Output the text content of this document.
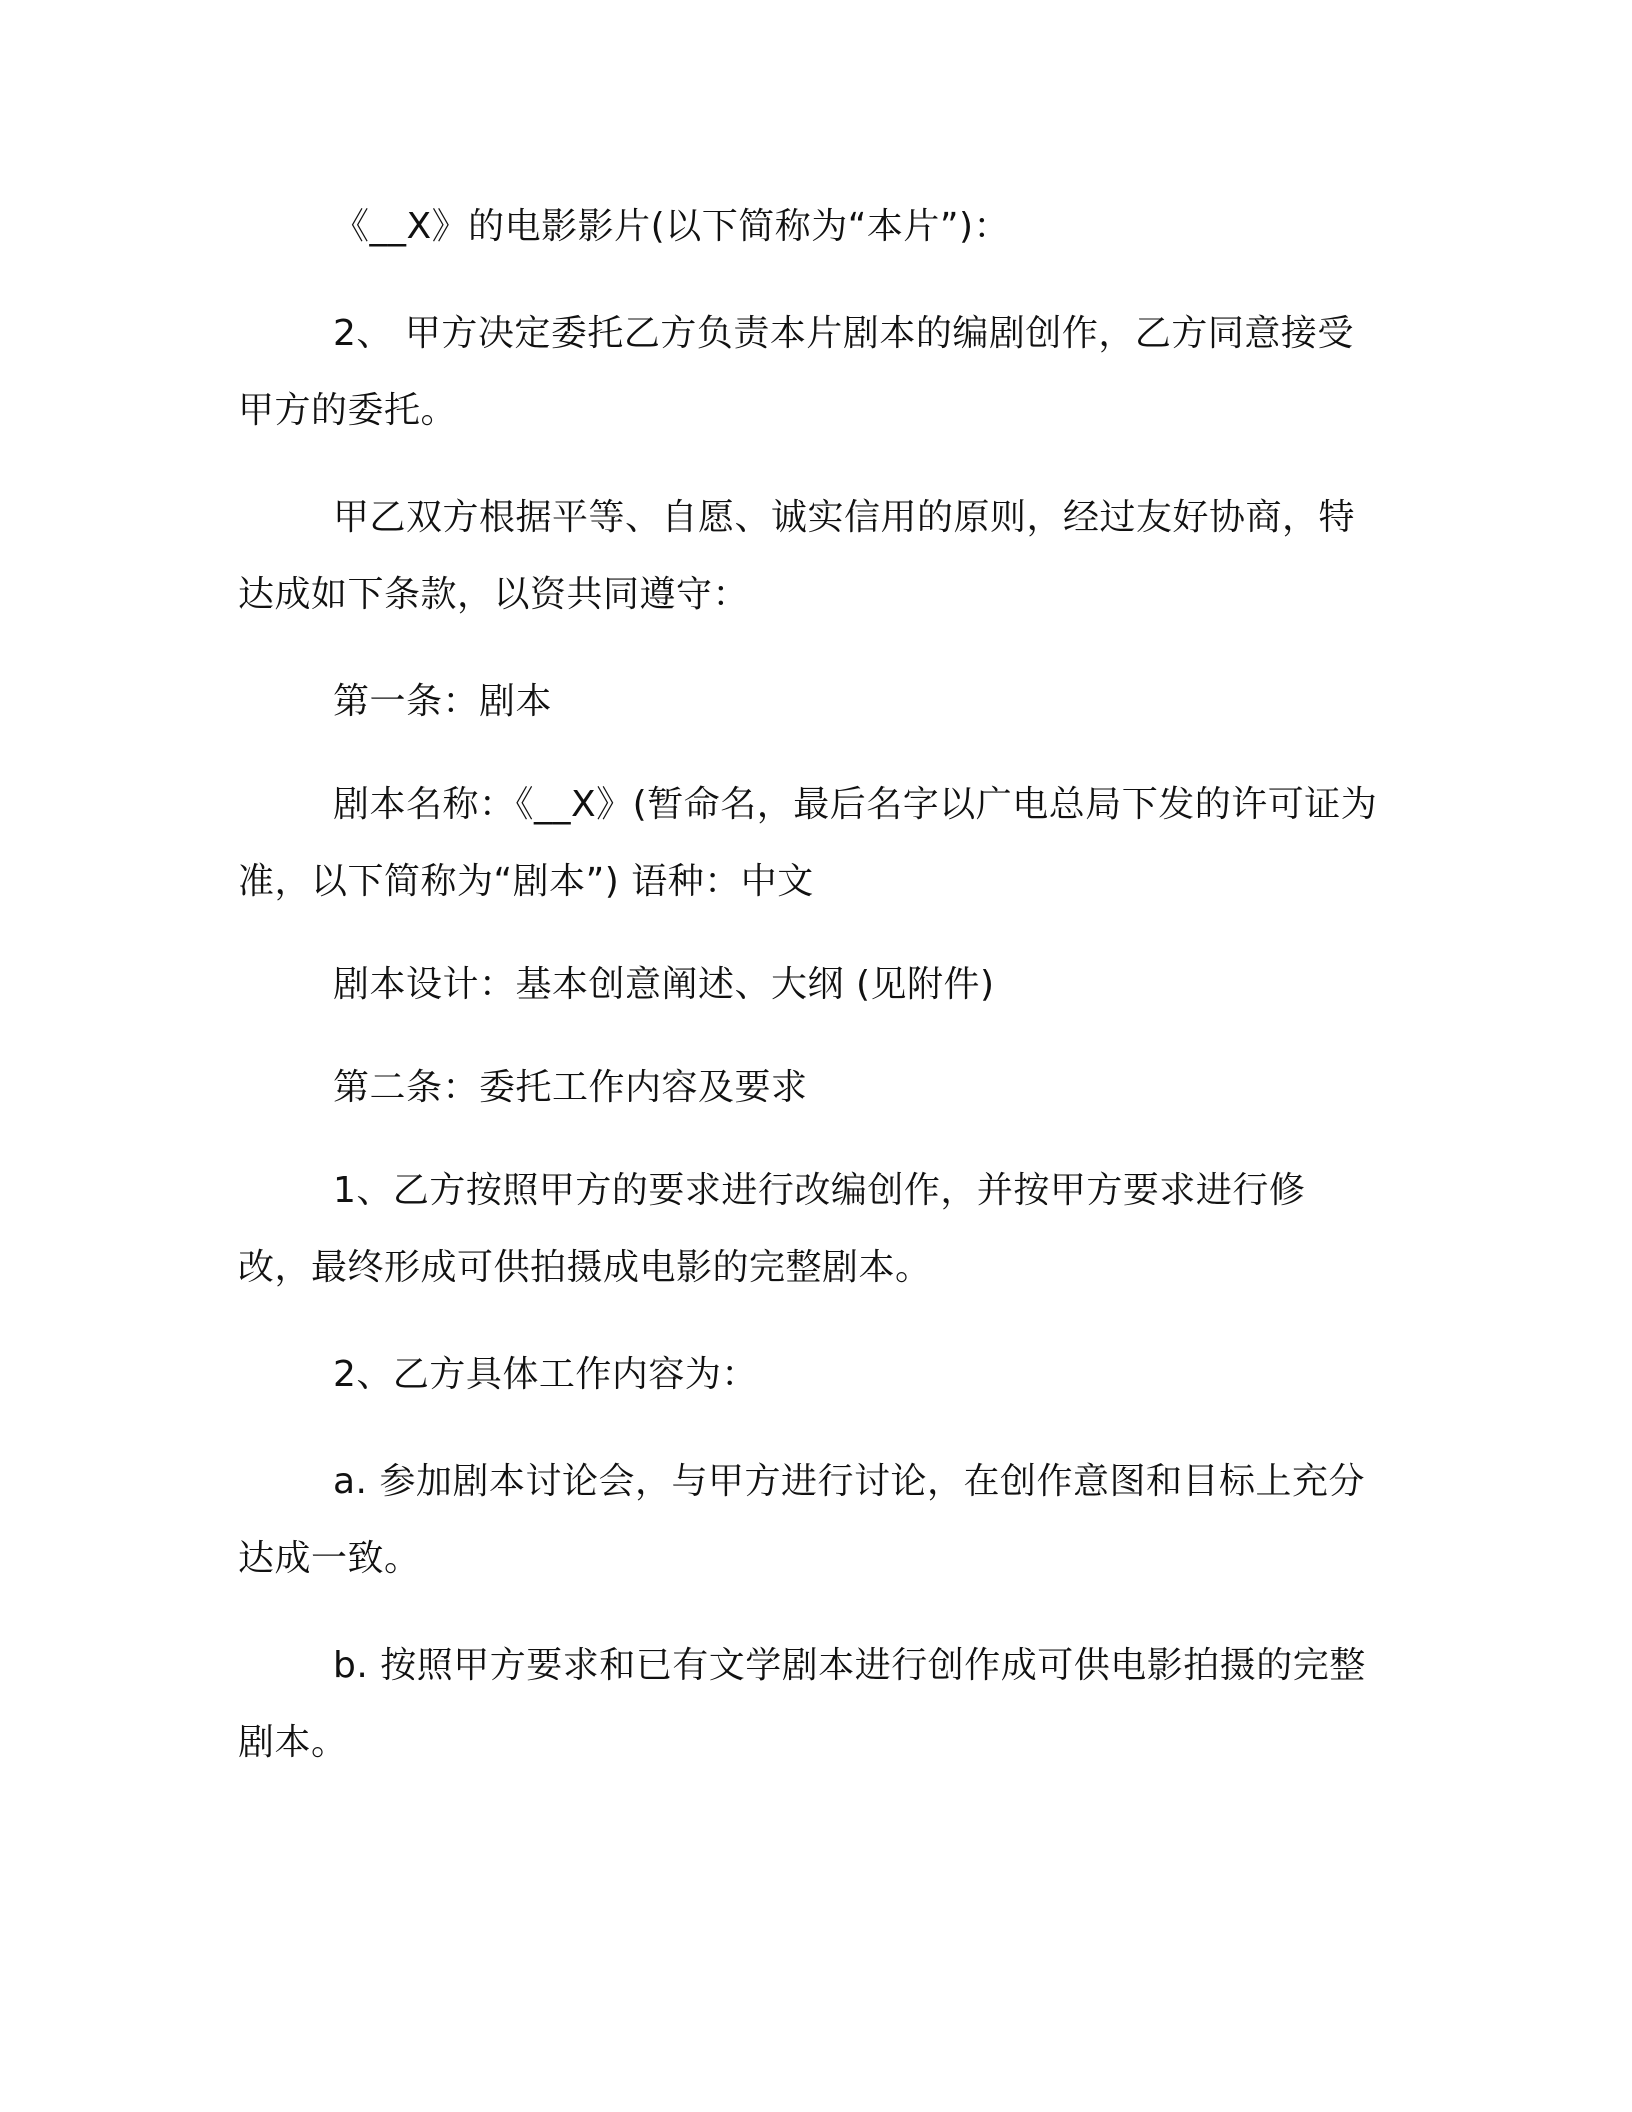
《__X》的电影影片(以下简称为“本片”)：

2、 甲方决定委托乙方负责本片剧本的编剧创作，乙方同意接受甲方的委托。

甲乙双方根据平等、自愿、诚实信用的原则，经过友好协商，特达成如下条款，以资共同遵守：

第一条：剧本

剧本名称：《__X》(暂命名，最后名字以广电总局下发的许可证为准，以下简称为“剧本”) 语种：中文

剧本设计：基本创意阐述、大纲 (见附件)

第二条：委托工作内容及要求

1、乙方按照甲方的要求进行改编创作，并按甲方要求进行修改，最终形成可供拍摄成电影的完整剧本。

2、乙方具体工作内容为：

a. 参加剧本讨论会，与甲方进行讨论，在创作意图和目标上充分达成一致。

b. 按照甲方要求和已有文学剧本进行创作成可供电影拍摄的完整剧本。
